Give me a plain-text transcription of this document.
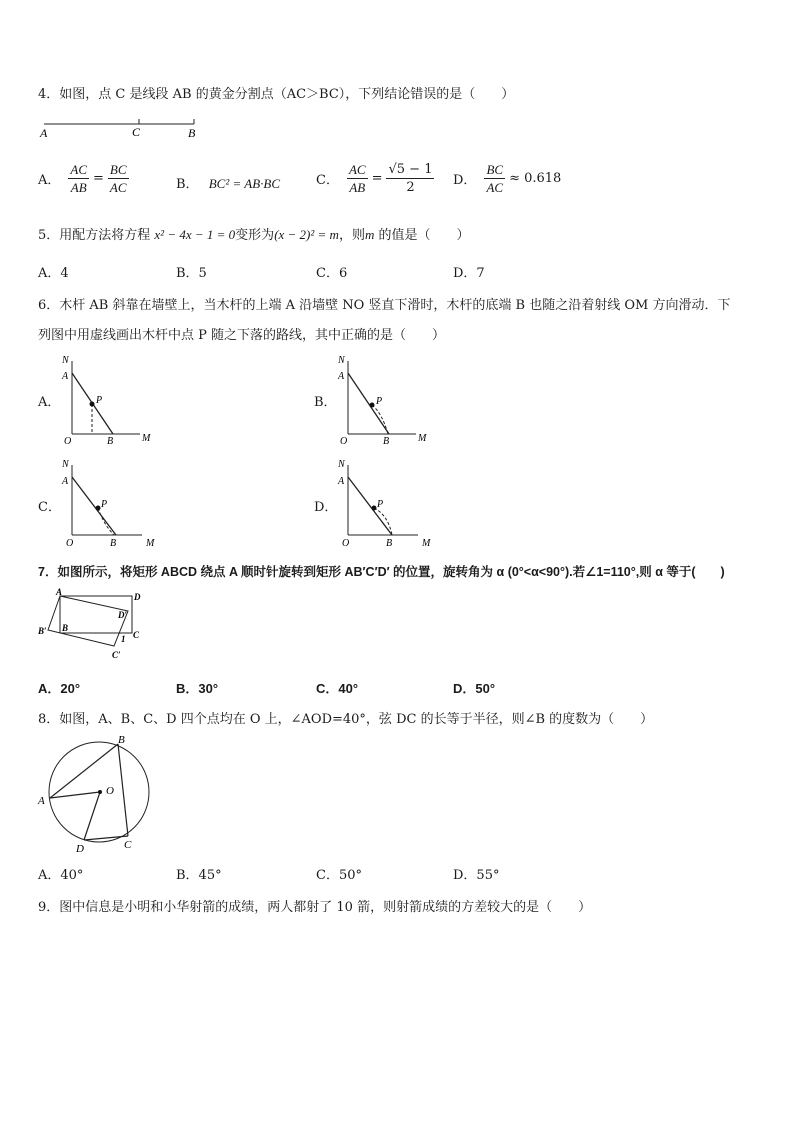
4．如图，点 C 是线段 AB 的黄金分割点（AC＞BC），下列结论错误的是（　　）
A	C	B
A． $\frac{AC}{AB} = \frac{BC}{AC}$	B． BC² = AB·BC	C． $\frac{AC}{AB} = \frac{√5 - 1}{2}$ D． $\frac{BC}{AC} \approx 0.618$
5．用配方法将方程 x² − 4x − 1 = 0变形为(x − 2)² = m，则m 的值是（　　）
A．4	B．5	C．6	D．7
6．木杆 AB 斜靠在墙壁上，当木杆的上端 A 沿墙壁 NO 竖直下滑时，木杆的底端 B 也随之沿着射线 OM 方向滑动．下
列图中用虚线画出木杆中点 P 随之下落的路线，其中正确的是（　　）
A．
N
A
P
O	B	M
B．
N
A
P
O	B	M
C．
N
A
P
O	B	M
D．
N
A
P
O	B	M
7．如图所示，将矩形 ABCD 绕点 A 顺时针旋转到矩形 AB′C′D′ 的位置，旋转角为 α (0°<α<90°).若∠1=110°,则 α 等于(　　)
A	D
D′
B
B′	C
1
C′
A．20°	B．30°	C．40°	D．50°
8．如图，A、B、C、D 四个点均在 O 上，∠AOD=40°，弦 DC 的长等于半径，则∠B 的度数为（　　）
B
O
A
C
D
A．40°	B．45°	C．50°	D．55°
9．图中信息是小明和小华射箭的成绩，两人都射了 10 箭，则射箭成绩的方差较大的是（　　）
